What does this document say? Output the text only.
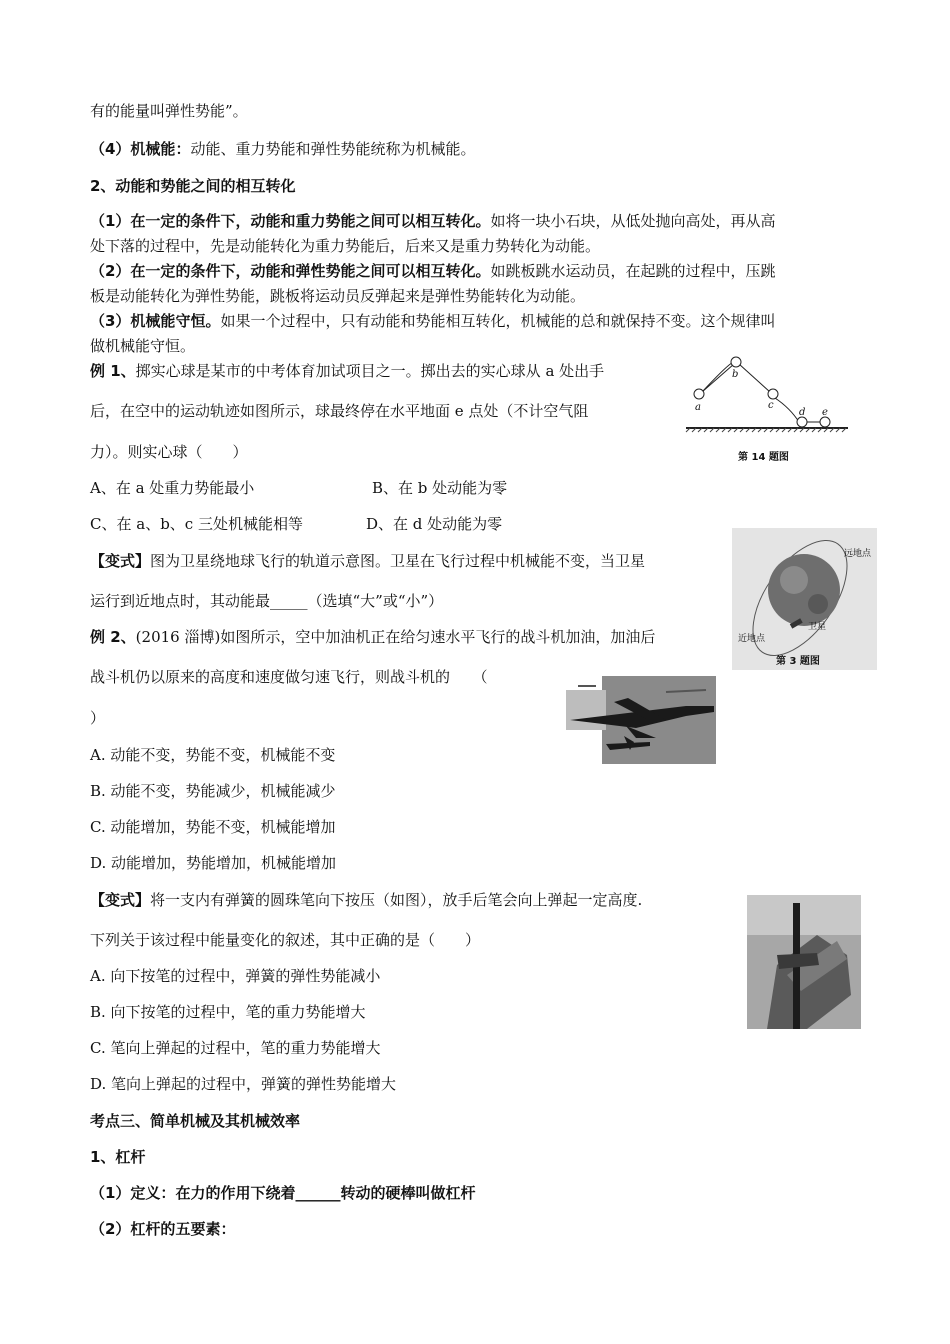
有的能量叫弹性势能”。
（4）机械能：动能、重力势能和弹性势能统称为机械能。
2、动能和势能之间的相互转化
（1）在一定的条件下，动能和重力势能之间可以相互转化。如将一块小石块，从低处抛向高处，再从高
处下落的过程中，先是动能转化为重力势能后，后来又是重力势转化为动能。
（2）在一定的条件下，动能和弹性势能之间可以相互转化。如跳板跳水运动员，在起跳的过程中，压跳
板是动能转化为弹性势能，跳板将运动员反弹起来是弹性势能转化为动能。
（3）机械能守恒。如果一个过程中，只有动能和势能相互转化，机械能的总和就保持不变。这个规律叫
做机械能守恒。
例 1、掷实心球是某市的中考体育加试项目之一。掷出去的实心球从 a 处出手
后，在空中的运动轨迹如图所示，球最终停在水平地面 e 点处（不计空气阻
力）。则实心球（　　）
A、在 a 处重力势能最小	B、在 b 处动能为零
C、在 a、b、c 三处机械能相等	D、在 d 处动能为零
【变式】图为卫星绕地球飞行的轨道示意图。卫星在飞行过程中机械能不变，当卫星
运行到近地点时，其动能最_____（选填“大”或“小”）
例 2、(2016 淄博)如图所示，空中加油机正在给匀速水平飞行的战斗机加油，加油后
战斗机仍以原来的高度和速度做匀速飞行，则战斗机的　　（
）
A. 动能不变，势能不变，机械能不变
B. 动能不变，势能减少，机械能减少
C. 动能增加，势能不变，机械能增加
D. 动能增加，势能增加，机械能增加
【变式】将一支内有弹簧的圆珠笔向下按压（如图），放手后笔会向上弹起一定高度.
下列关于该过程中能量变化的叙述，其中正确的是（　　）
A. 向下按笔的过程中，弹簧的弹性势能减小
B. 向下按笔的过程中，笔的重力势能增大
C. 笔向上弹起的过程中，笔的重力势能增大
D. 笔向上弹起的过程中，弹簧的弹性势能增大
考点三、简单机械及其机械效率
1、杠杆
（1）定义：在力的作用下绕着______转动的硬棒叫做杠杆
（2）杠杆的五要素：
a
b
c
d e
第 14 题图
远地点
近地点
卫星
第 3 题图
